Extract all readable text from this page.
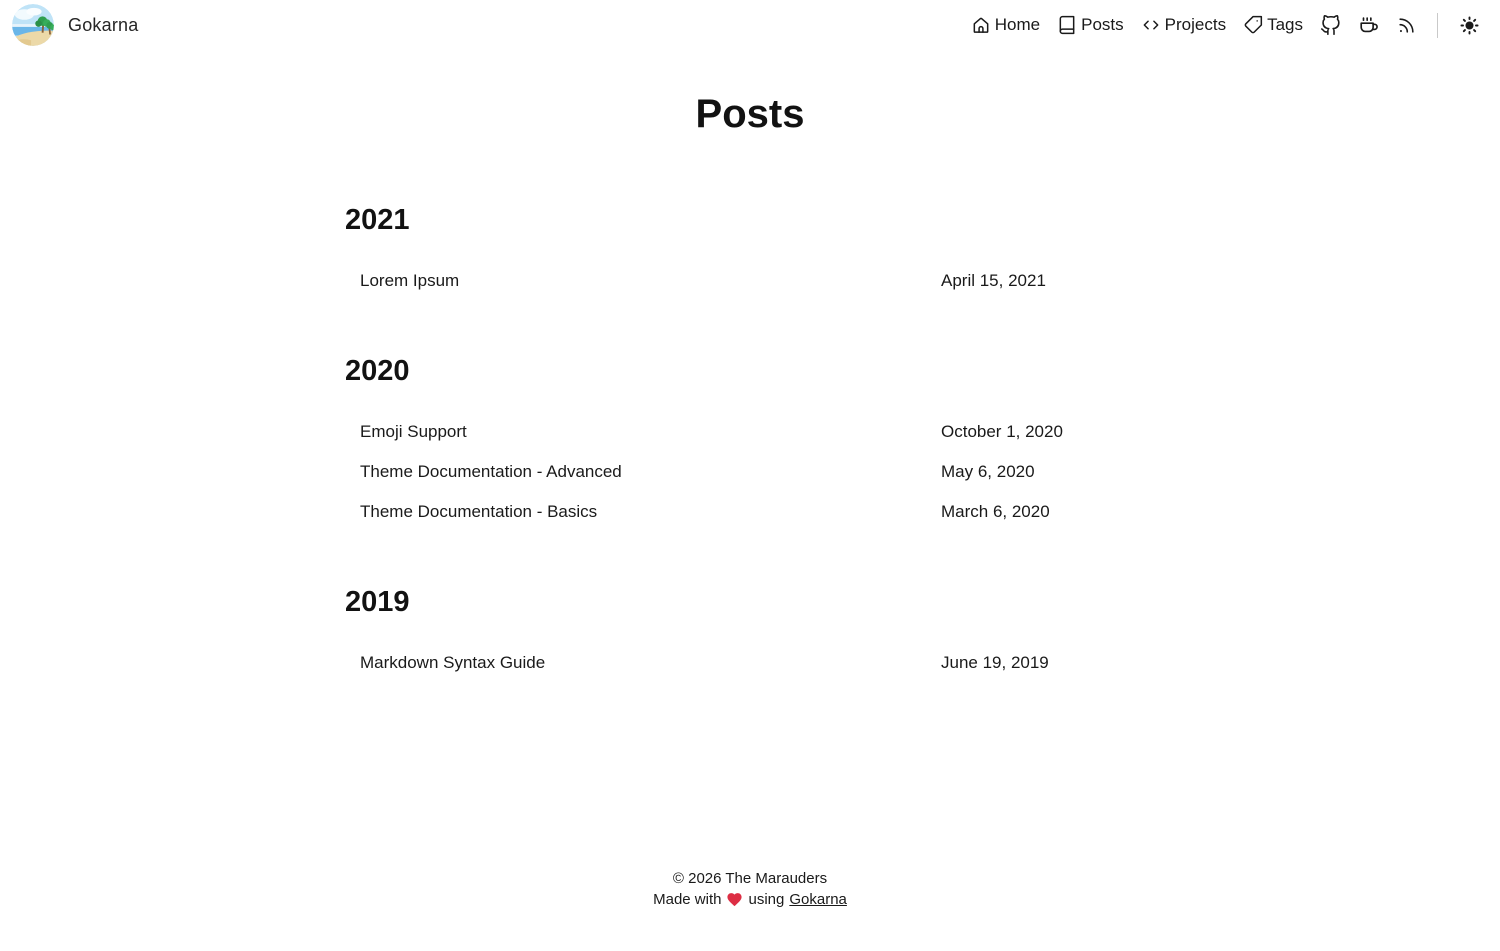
Gokarna	Home Posts Projects Tags
Posts
2021
Lorem Ipsum	April 15, 2021
2020
Emoji Support	October 1, 2020
Theme Documentation - Advanced	May 6, 2020
Theme Documentation - Basics	March 6, 2020
2019
Markdown Syntax Guide	June 19, 2019
© 2026 The Marauders
Made with using Gokarna
